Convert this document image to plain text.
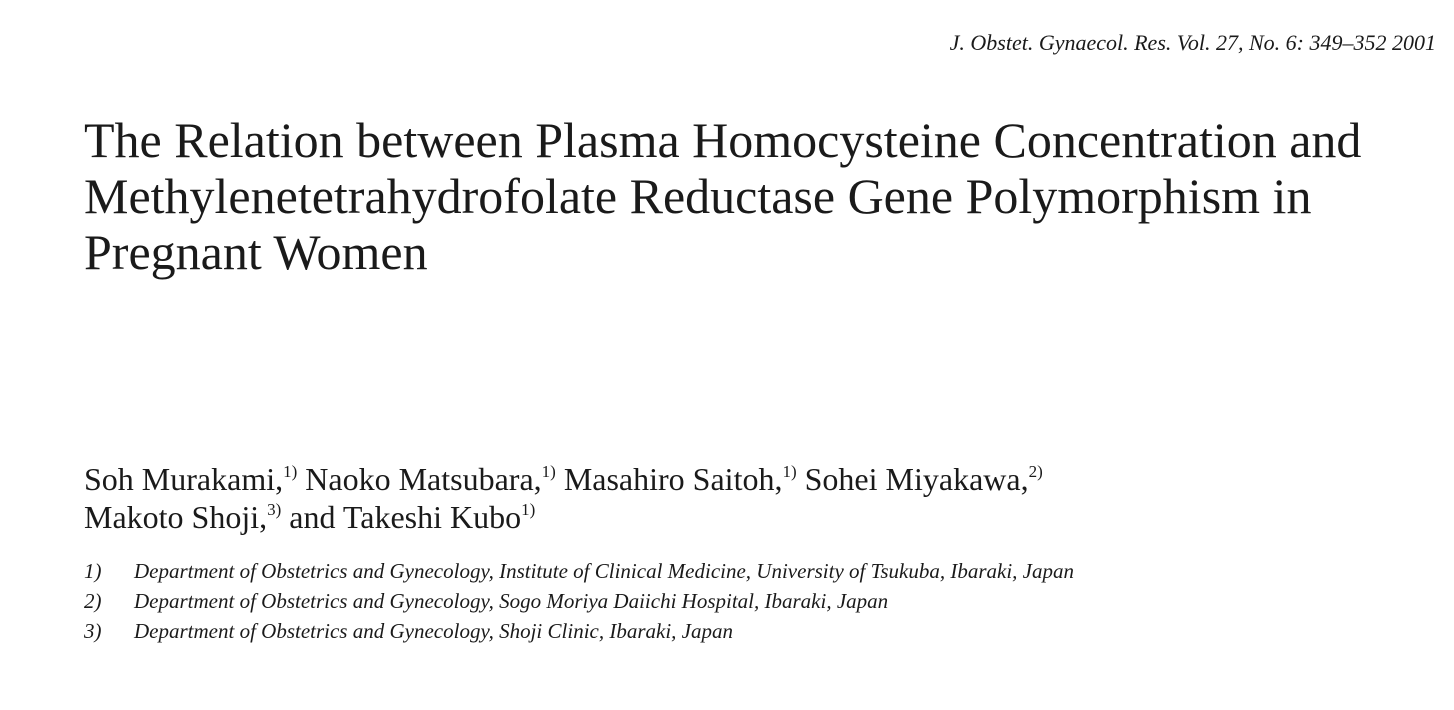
J. Obstet. Gynaecol. Res. Vol. 27, No. 6: 349–352 2001
The Relation between Plasma Homocysteine Concentration and
Methylenetetrahydrofolate Reductase Gene Polymorphism in
Pregnant Women
Soh Murakami,$^{1)}$ Naoko Matsubara,$^{1)}$ Masahiro Saitoh,$^{1)}$ Sohei Miyakawa,$^{2)}$
Makoto Shoji,$^{3)}$ and Takeshi Kubo$^{1)}$
1)	Department of Obstetrics and Gynecology, Institute of Clinical Medicine, University of Tsukuba, Ibaraki, Japan
2)	Department of Obstetrics and Gynecology, Sogo Moriya Daiichi Hospital, Ibaraki, Japan
3)	Department of Obstetrics and Gynecology, Shoji Clinic, Ibaraki, Japan
